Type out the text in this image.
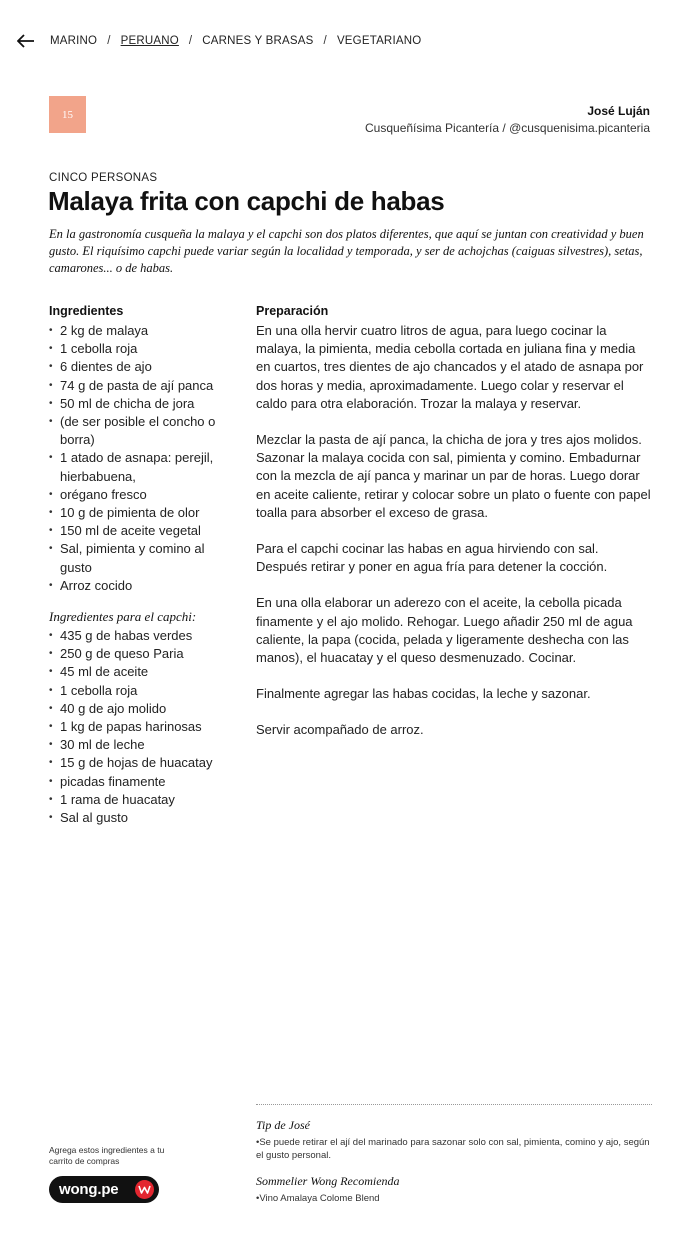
MARINO / PERUANO / CARNES Y BRASAS / VEGETARIANO
15	José Luján
Cusqueñísima Picantería / @cusquenisima.picanteria
CINCO PERSONAS
Malaya frita con capchi de habas

En la gastronomía cusqueña la malaya y el capchi son dos platos diferentes, que aquí se juntan con creatividad y buen gusto. El riquísimo capchi puede variar según la localidad y temporada, y ser de achojchas (caiguas silvestres), setas, camarones... o de habas.

Ingredientes
• 2 kg de malaya
• 1 cebolla roja
• 6 dientes de ajo
• 74 g de pasta de ají panca
• 50 ml de chicha de jora
• (de ser posible el concho o borra)
• 1 atado de asnapa: perejil, hierbabuena,
• orégano fresco
• 10 g de pimienta de olor
• 150 ml de aceite vegetal
• Sal, pimienta y comino al gusto
• Arroz cocido
Ingredientes para el capchi:
• 435 g de habas verdes
• 250 g de queso Paria
• 45 ml de aceite
• 1 cebolla roja
• 40 g de ajo molido
• 1 kg de papas harinosas
• 30 ml de leche
• 15 g de hojas de huacatay
• picadas finamente
• 1 rama de huacatay
• Sal al gusto
Preparación

En una olla hervir cuatro litros de agua, para luego cocinar la malaya, la pimienta, media cebolla cortada en juliana fina y media en cuartos, tres dientes de ajo chancados y el atado de asnapa por dos horas y media, aproximadamente. Luego colar y reservar el caldo para otra elaboración. Trozar la malaya y reservar.

Mezclar la pasta de ají panca, la chicha de jora y tres ajos molidos. Sazonar la malaya cocida con sal, pimienta y comino. Embadurnar con la mezcla de ají panca y marinar un par de horas. Luego dorar en aceite caliente, retirar y colocar sobre un plato o fuente con papel toalla para absorber el exceso de grasa.

Para el capchi cocinar las habas en agua hirviendo con sal. Después retirar y poner en agua fría para detener la cocción.

En una olla elaborar un aderezo con el aceite, la cebolla picada finamente y el ajo molido. Rehogar. Luego añadir 250 ml de agua caliente, la papa (cocida, pelada y ligeramente deshecha con las manos), el huacatay y el queso desmenuzado. Cocinar.

Finalmente agregar las habas cocidas, la leche y sazonar.

Servir acompañado de arroz.

Tip de José
•Se puede retirar el ají del marinado para sazonar solo con sal, pimienta, comino y ajo, según el gusto personal.
Sommelier Wong Recomienda
•Vino Amalaya Colome Blend
Agrega estos ingredientes a tu carrito de compras
wong.pe
